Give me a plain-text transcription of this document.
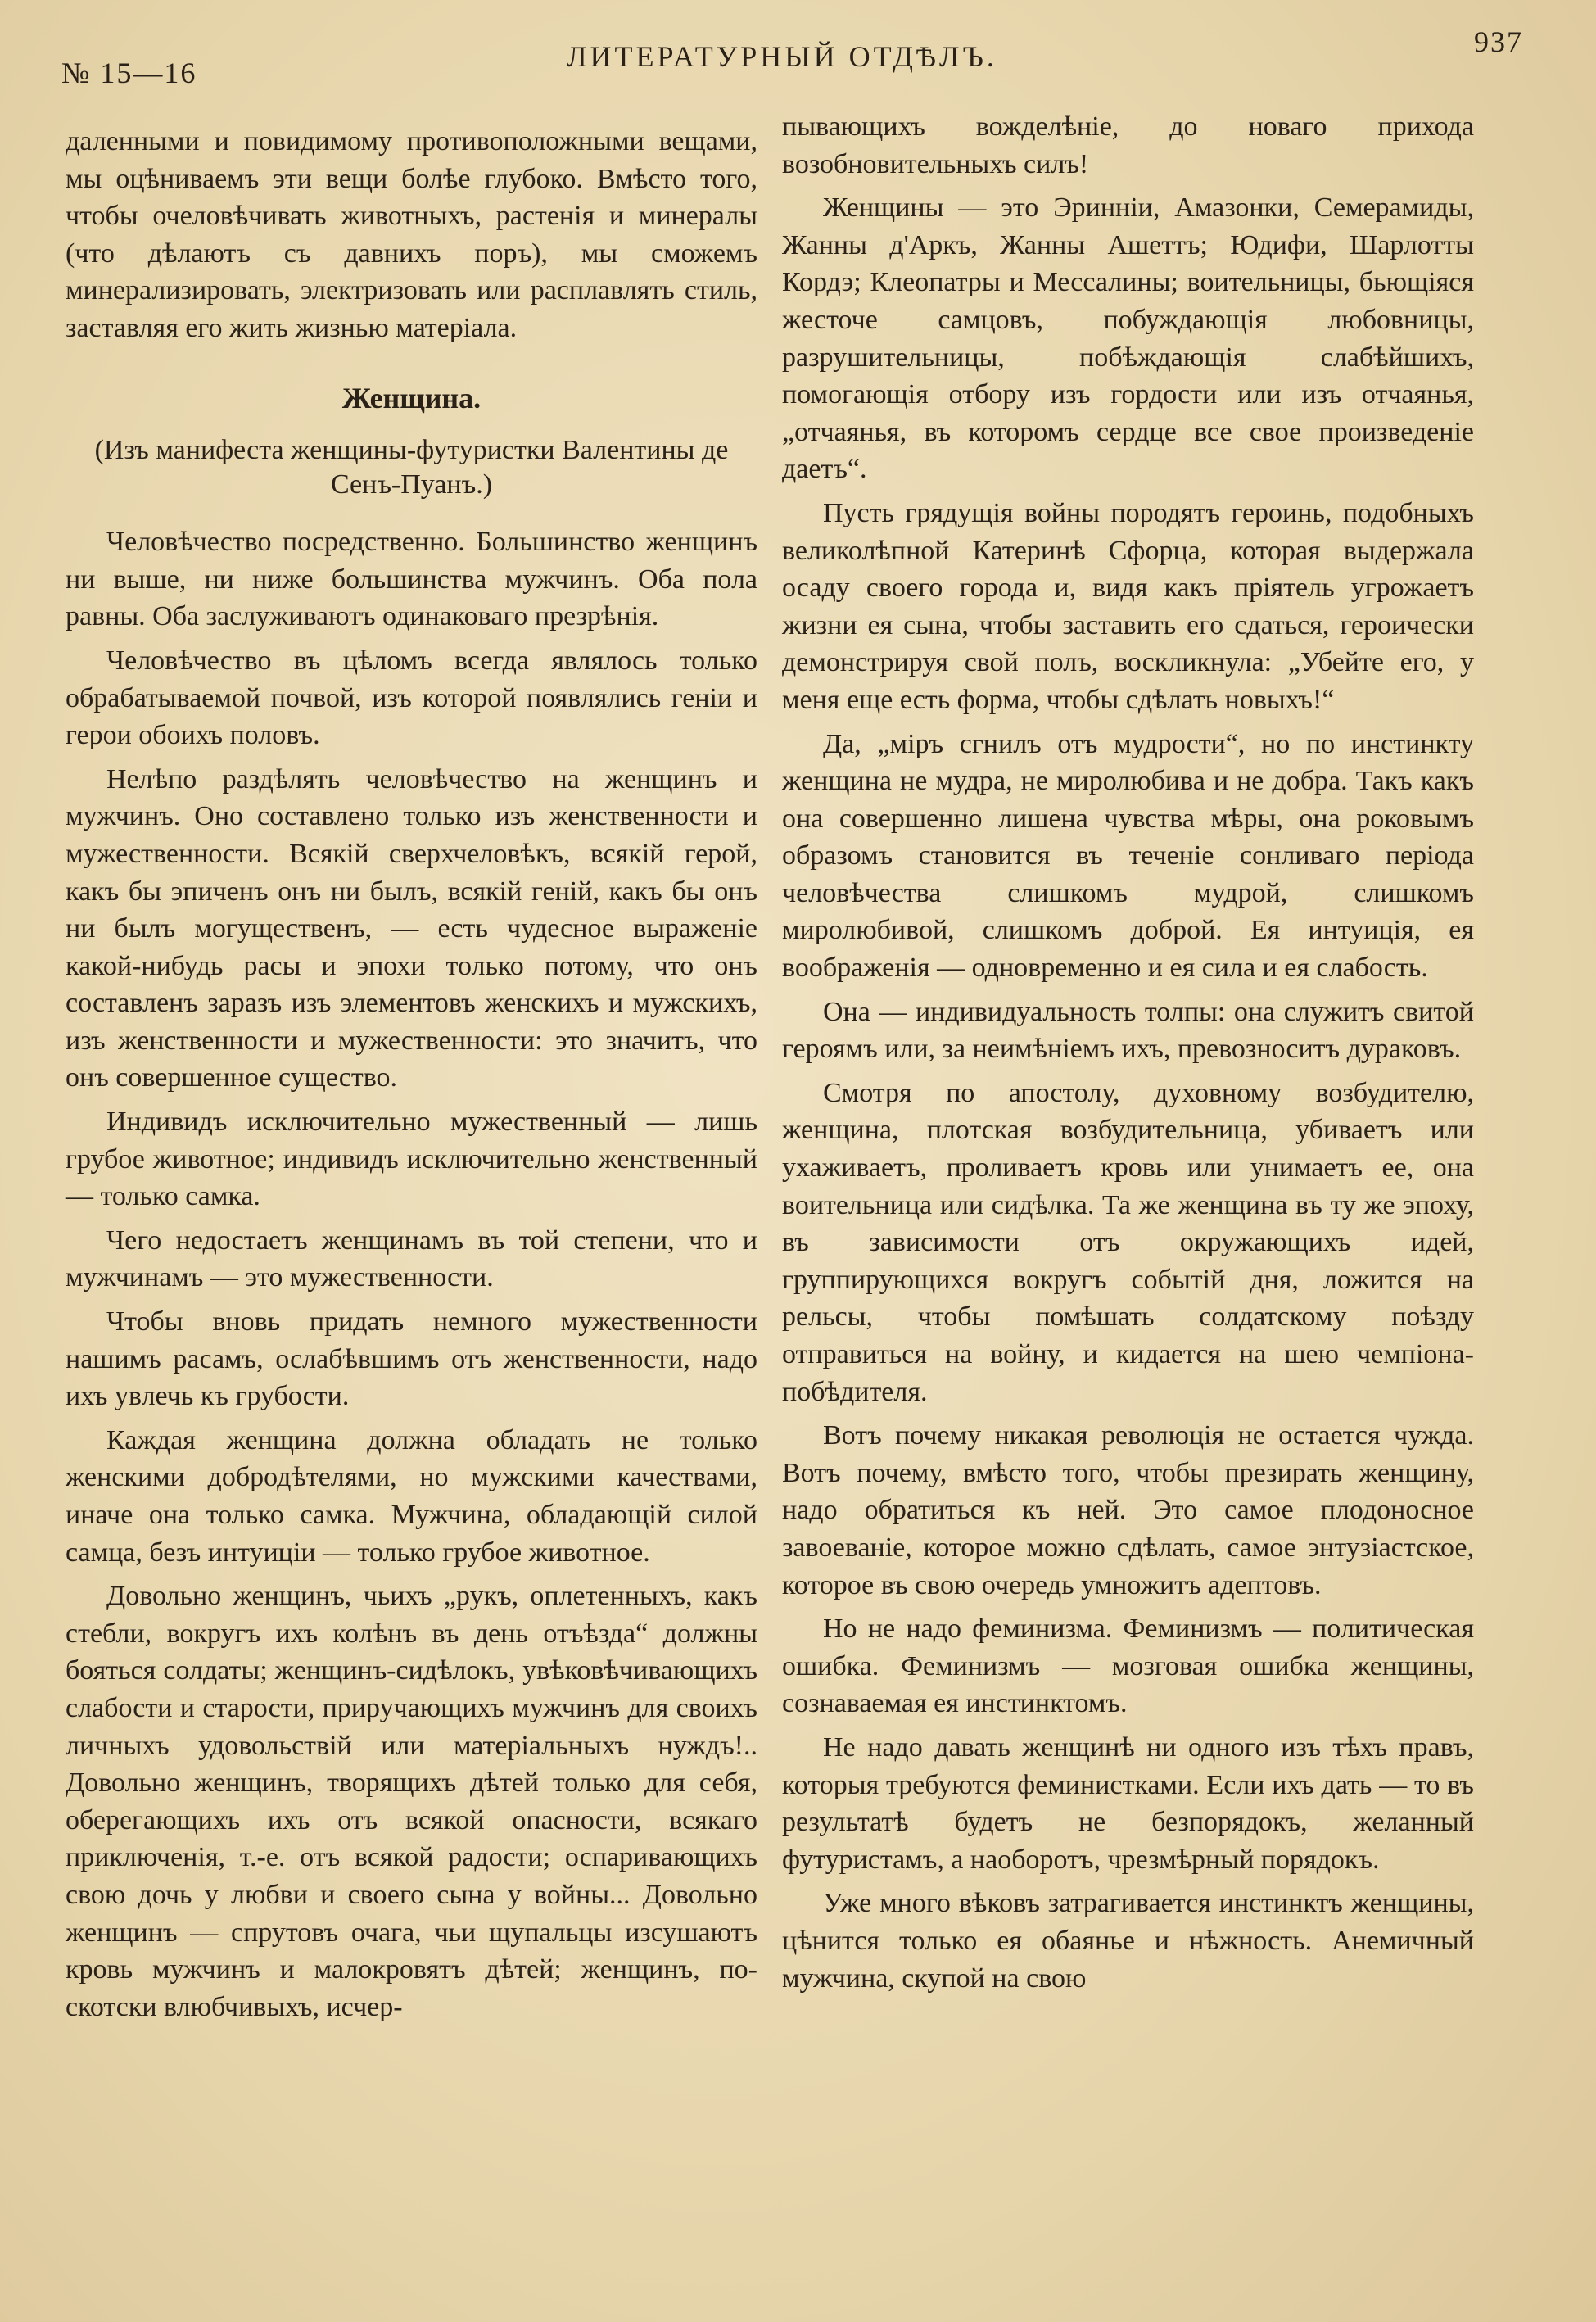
№ 15—16	ЛИТЕРАТУРНЫЙ ОТДѢЛЪ.	937

даленными и повидимому противоположными вещами, мы оцѣниваемъ эти вещи болѣе глубоко. Вмѣсто того, чтобы очеловѣчивать животныхъ, растенія и минералы (что дѣлаютъ съ давнихъ поръ), мы сможемъ минерализировать, электризовать или расплавлять стиль, заставляя его жить жизнью матеріала.

Женщина.

(Изъ манифеста женщины-футуристки Валентины де Сенъ-Пуанъ.)

Человѣчество посредственно. Большинство женщинъ ни выше, ни ниже большинства мужчинъ. Оба пола равны. Оба заслуживаютъ одинаковаго презрѣнія.

Человѣчество въ цѣломъ всегда являлось только обрабатываемой почвой, изъ которой появлялись геніи и герои обоихъ половъ.

Нелѣпо раздѣлять человѣчество на женщинъ и мужчинъ. Оно составлено только изъ женственности и мужественности. Всякій сверхчеловѣкъ, всякій герой, какъ бы эпиченъ онъ ни былъ, всякій геній, какъ бы онъ ни былъ могущественъ, — есть чудесное выраженіе какой-нибудь расы и эпохи только потому, что онъ составленъ заразъ изъ элементовъ женскихъ и мужскихъ, изъ женственности и мужественности: это значитъ, что онъ совершенное существо.

Индивидъ исключительно мужественный — лишь грубое животное; индивидъ исключительно женственный — только самка.

Чего недостаетъ женщинамъ въ той степени, что и мужчинамъ — это мужественности.

Чтобы вновь придать немного мужественности нашимъ расамъ, ослабѣвшимъ отъ женственности, надо ихъ увлечь къ грубости.

Каждая женщина должна обладать не только женскими добродѣтелями, но мужскими качествами, иначе она только самка. Мужчина, обладающій силой самца, безъ интуиціи — только грубое животное.

Довольно женщинъ, чьихъ „рукъ, оплетенныхъ, какъ стебли, вокругъ ихъ колѣнъ въ день отъѣзда“ должны бояться солдаты; женщинъ-сидѣлокъ, увѣковѣчивающихъ слабости и старости, приручающихъ мужчинъ для своихъ личныхъ удовольствій или матеріальныхъ нуждъ!.. Довольно женщинъ, творящихъ дѣтей только для себя, оберегающихъ ихъ отъ всякой опасности, всякаго приключенія, т.-е. отъ всякой радости; оспаривающихъ свою дочь у любви и своего сына у войны... Довольно женщинъ — спрутовъ очага, чьи щупальцы изсушаютъ кровь мужчинъ и малокровятъ дѣтей; женщинъ, по-скотски влюбчивыхъ, исчер-

пывающихъ вожделѣніе, до новаго прихода возобновительныхъ силъ!

Женщины — это Эринніи, Амазонки, Семерамиды, Жанны д'Аркъ, Жанны Ашеттъ; Юдифи, Шарлотты Кордэ; Клеопатры и Мессалины; воительницы, бьющіяся жесточе самцовъ, побуждающія любовницы, разрушительницы, побѣждающія слабѣйшихъ, помогающія отбору изъ гордости или изъ отчаянья, „отчаянья, въ которомъ сердце все свое произведеніе даетъ“.

Пусть грядущія войны породятъ героинь, подобныхъ великолѣпной Катеринѣ Сфорца, которая выдержала осаду своего города и, видя какъ пріятель угрожаетъ жизни ея сына, чтобы заставить его сдаться, героически демонстрируя свой полъ, воскликнула: „Убейте его, у меня еще есть форма, чтобы сдѣлать новыхъ!“

Да, „міръ сгнилъ отъ мудрости“, но по инстинкту женщина не мудра, не миролюбива и не добра. Такъ какъ она совершенно лишена чувства мѣры, она роковымъ образомъ становится въ теченіе сонливаго періода человѣчества слишкомъ мудрой, слишкомъ миролюбивой, слишкомъ доброй. Ея интуиція, ея воображенія — одновременно и ея сила и ея слабость.

Она — индивидуальность толпы: она служитъ свитой героямъ или, за неимѣніемъ ихъ, превозноситъ дураковъ.

Смотря по апостолу, духовному возбудителю, женщина, плотская возбудительница, убиваетъ или ухаживаетъ, проливаетъ кровь или унимаетъ ее, она воительница или сидѣлка. Та же женщина въ ту же эпоху, въ зависимости отъ окружающихъ идей, группирующихся вокругъ событій дня, ложится на рельсы, чтобы помѣшать солдатскому поѣзду отправиться на войну, и кидается на шею чемпіона-побѣдителя.

Вотъ почему никакая революція не остается чужда. Вотъ почему, вмѣсто того, чтобы презирать женщину, надо обратиться къ ней. Это самое плодоносное завоеваніе, которое можно сдѣлать, самое энтузіастское, которое въ свою очередь умножитъ адептовъ.

Но не надо феминизма. Феминизмъ — политическая ошибка. Феминизмъ — мозговая ошибка женщины, сознаваемая ея инстинктомъ.

Не надо давать женщинѣ ни одного изъ тѣхъ правъ, которыя требуются феминистками. Если ихъ дать — то въ результатѣ будетъ не безпорядокъ, желанный футуристамъ, а наоборотъ, чрезмѣрный порядокъ.

Уже много вѣковъ затрагивается инстинктъ женщины, цѣнится только ея обаянье и нѣжность. Анемичный мужчина, скупой на свою
